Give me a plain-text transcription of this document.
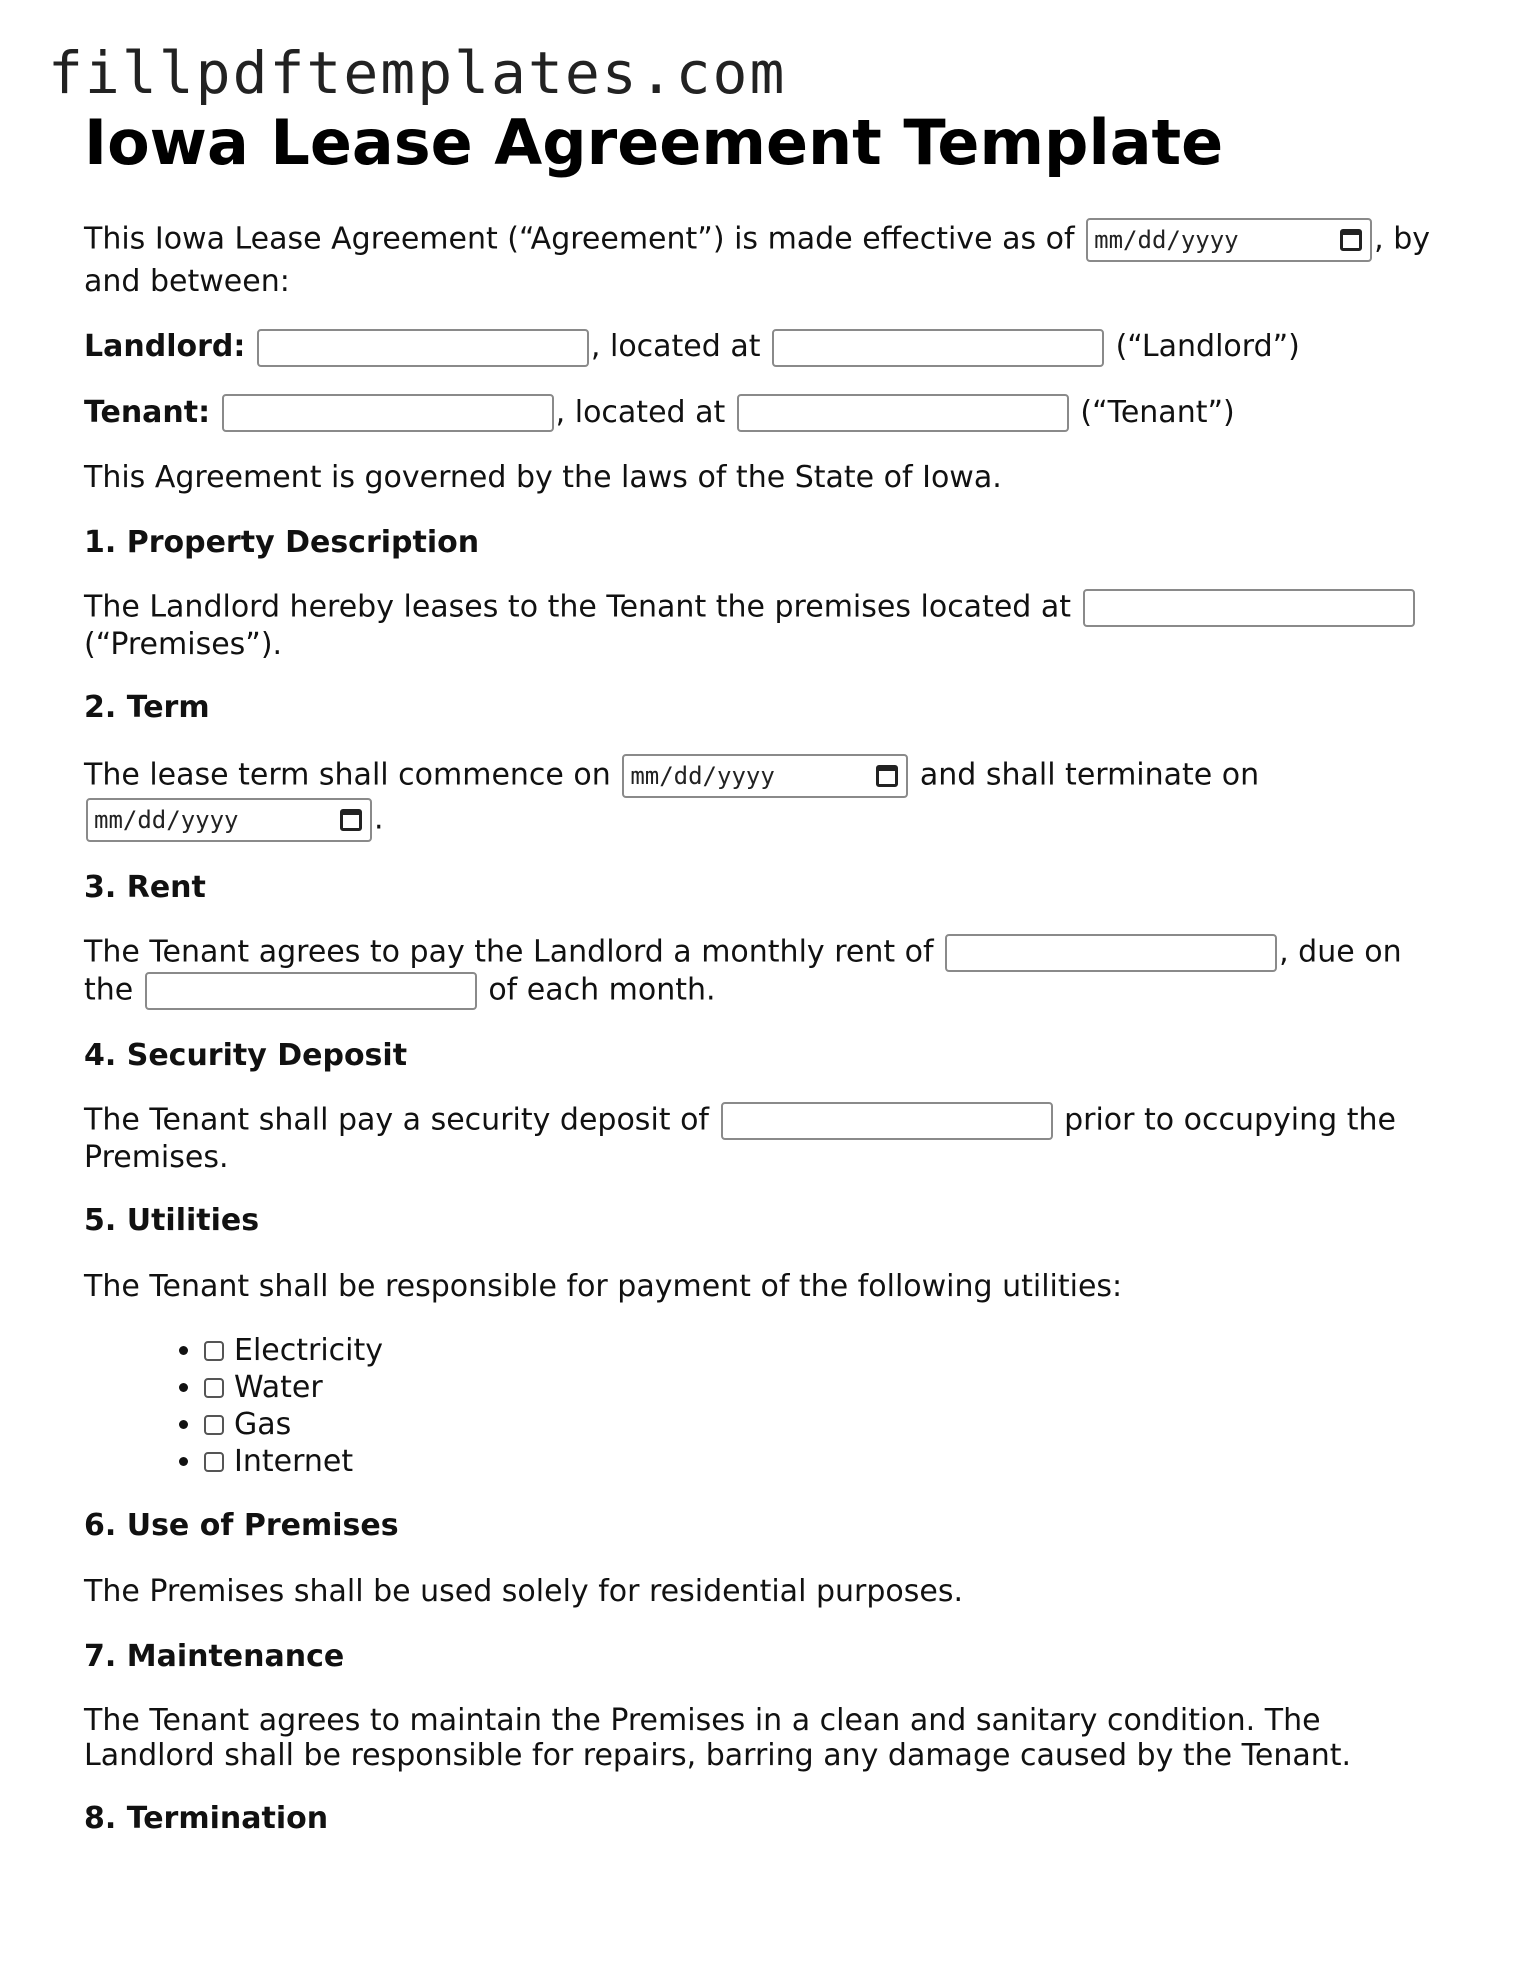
fillpdftemplates.com
Iowa Lease Agreement Template

This Iowa Lease Agreement (“Agreement”) is made effective as of mm/dd/yyyy	, by and between:

Landlord:	, located at	(“Landlord”)

Tenant:	, located at	(“Tenant”)

This Agreement is governed by the laws of the State of Iowa.

1. Property Description

The Landlord hereby leases to the Tenant the premises located at
(“Premises”).

2. Term

The lease term shall commence on mm/dd/yyyy	and shall terminate on

mm/dd/yyyy	.

3. Rent

The Tenant agrees to pay the Landlord a monthly rent of	, due on the	of each month.

4. Security Deposit

The Tenant shall pay a security deposit of	prior to occupying the Premises.

5. Utilities

The Tenant shall be responsible for payment of the following utilities:

• Electricity
• Water
• Gas
• Internet
6. Use of Premises

The Premises shall be used solely for residential purposes.

7. Maintenance

The Tenant agrees to maintain the Premises in a clean and sanitary condition. The Landlord shall be responsible for repairs, barring any damage caused by the Tenant.

8. Termination
